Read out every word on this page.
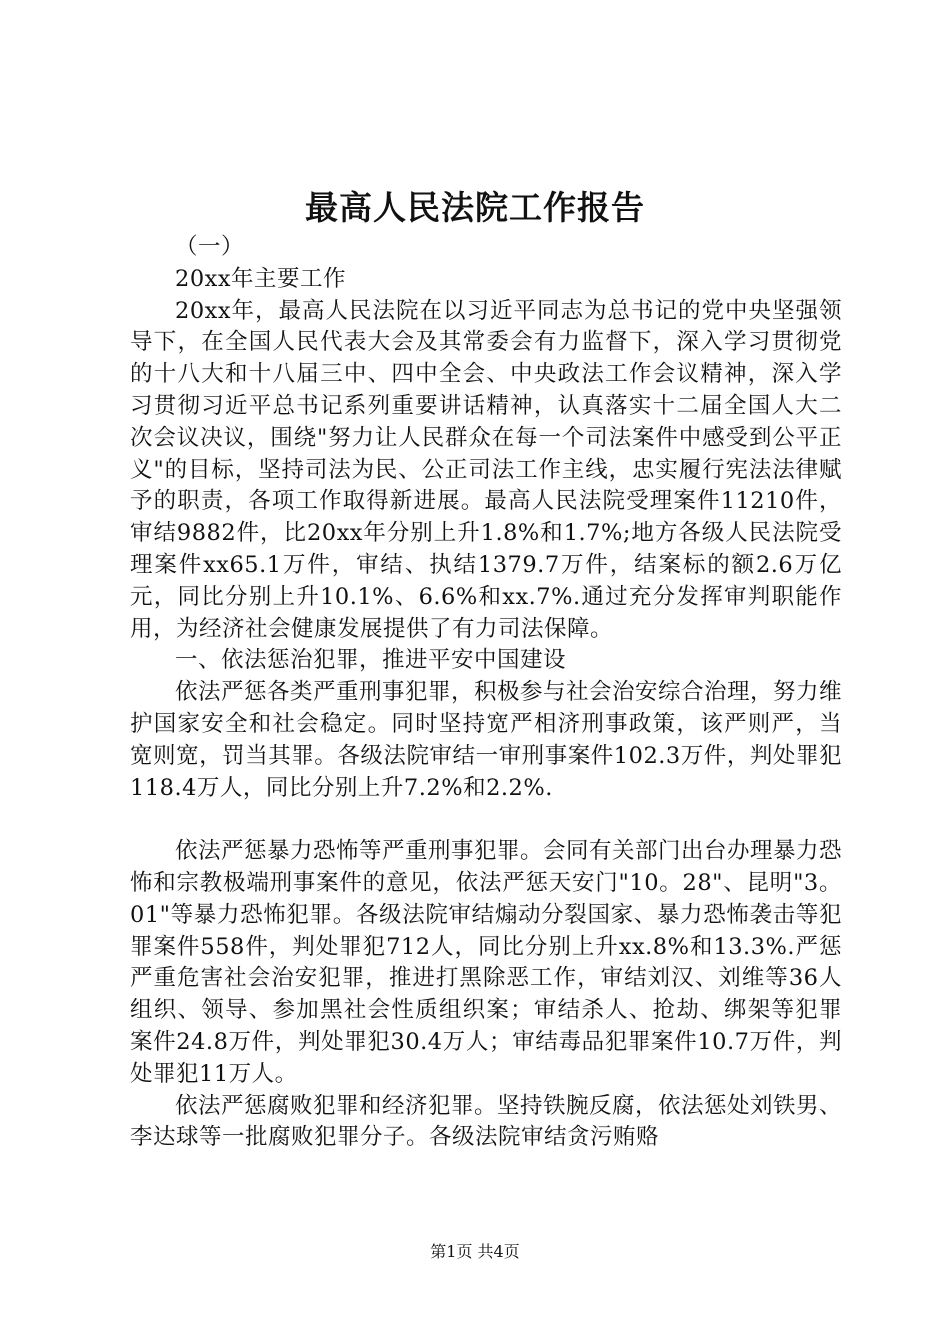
最高人民法院工作报告

（一）

20xx年主要工作

20xx年，最高人民法院在以习近平同志为总书记的党中央坚强领导下，在全国人民代表大会及其常委会有力监督下，深入学习贯彻党的十八大和十八届三中、四中全会、中央政法工作会议精神，深入学习贯彻习近平总书记系列重要讲话精神，认真落实十二届全国人大二次会议决议，围绕"努力让人民群众在每一个司法案件中感受到公平正义"的目标，坚持司法为民、公正司法工作主线，忠实履行宪法法律赋予的职责，各项工作取得新进展。最高人民法院受理案件11210件，审结9882件，比20xx年分别上升1.8%和1.7%;地方各级人民法院受理案件xx65.1万件，审结、执结1379.7万件，结案标的额2.6万亿元，同比分别上升10.1%、6.6%和xx.7%.通过充分发挥审判职能作用，为经济社会健康发展提供了有力司法保障。

一、依法惩治犯罪，推进平安中国建设

依法严惩各类严重刑事犯罪，积极参与社会治安综合治理，努力维护国家安全和社会稳定。同时坚持宽严相济刑事政策，该严则严，当宽则宽，罚当其罪。各级法院审结一审刑事案件102.3万件，判处罪犯118.4万人，同比分别上升7.2%和2.2%.

依法严惩暴力恐怖等严重刑事犯罪。会同有关部门出台办理暴力恐怖和宗教极端刑事案件的意见，依法严惩天安门"10。28"、昆明"3。01"等暴力恐怖犯罪。各级法院审结煽动分裂国家、暴力恐怖袭击等犯罪案件558件，判处罪犯712人，同比分别上升xx.8%和13.3%.严惩严重危害社会治安犯罪，推进打黑除恶工作，审结刘汉、刘维等36人组织、领导、参加黑社会性质组织案；审结杀人、抢劫、绑架等犯罪案件24.8万件，判处罪犯30.4万人；审结毒品犯罪案件10.7万件，判处罪犯11万人。

依法严惩腐败犯罪和经济犯罪。坚持铁腕反腐，依法惩处刘铁男、李达球等一批腐败犯罪分子。各级法院审结贪污贿赂

第1页 共4页
